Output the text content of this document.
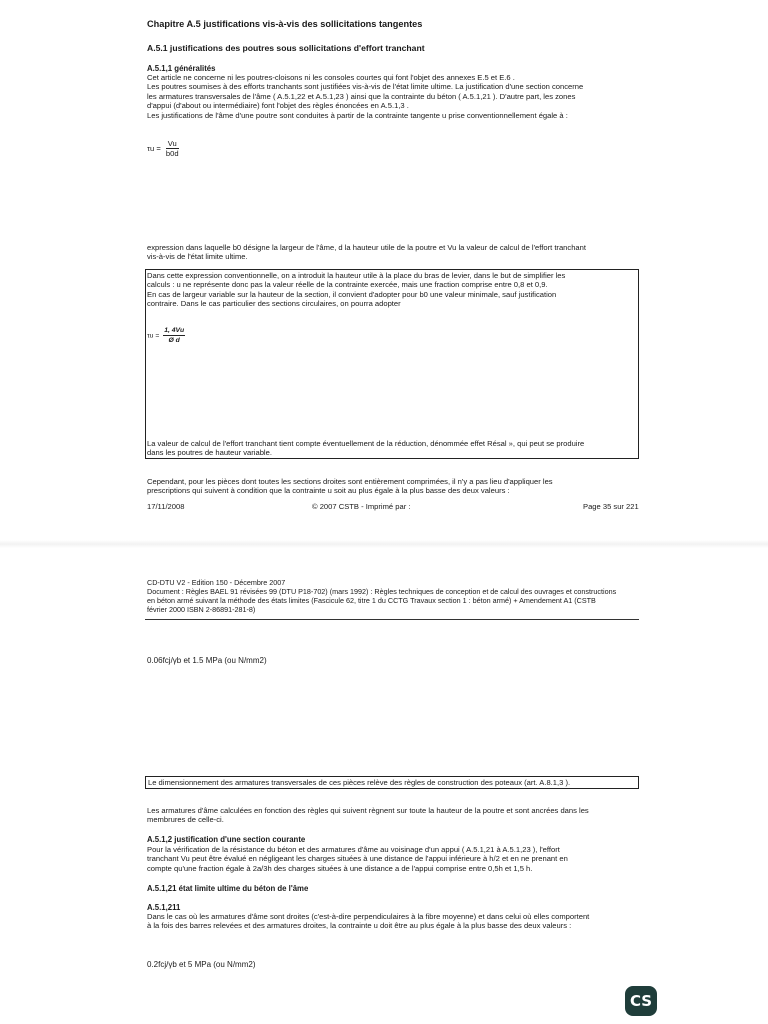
Chapitre A.5 justifications vis-à-vis des sollicitations tangentes
A.5.1 justifications des poutres sous sollicitations d'effort tranchant
A.5.1,1 généralités
Cet article ne concerne ni les poutres-cloisons ni les consoles courtes qui font l'objet des annexes E.5 et E.6 .
Les poutres soumises à des efforts tranchants sont justifiées vis-à-vis de l'état limite ultime. La justification d'une section concerne
les armatures transversales de l'âme ( A.5.1,22 et A.5.1,23 ) ainsi que la contrainte du béton ( A.5.1,21 ). D'autre part, les zones
d'appui (d'about ou intermédiaire) font l'objet des règles énoncées en A.5.1,3 .
Les justifications de l'âme d'une poutre sont conduites à partir de la contrainte tangente u prise conventionnellement égale à :
$\tau u = \frac{Vu}{b0d}$
expression dans laquelle b0 désigne la largeur de l'âme, d la hauteur utile de la poutre et Vu la valeur de calcul de l'effort tranchant
vis-à-vis de l'état limite ultime.
Dans cette expression conventionnelle, on a introduit la hauteur utile à la place du bras de levier, dans le but de simplifier les
calculs : u ne représente donc pas la valeur réelle de la contrainte exercée, mais une fraction comprise entre 0,8 et 0,9.
En cas de largeur variable sur la hauteur de la section, il convient d'adopter pour b0 une valeur minimale, sauf justification
contraire. Dans le cas particulier des sections circulaires, on pourra adopter
$\tau u = \frac{1, 4Vu}{\text{Ø d}}$
La valeur de calcul de l'effort tranchant tient compte éventuellement de la réduction, dénommée effet Résal », qui peut se produire
dans les poutres de hauteur variable.
Cependant, pour les pièces dont toutes les sections droites sont entièrement comprimées, il n'y a pas lieu d'appliquer les
prescriptions qui suivent à condition que la contrainte u soit au plus égale à la plus basse des deux valeurs :
17/11/2008	© 2007 CSTB - Imprimé par :	Page 35 sur 221
CD-DTU V2 - Edition 150 - Décembre 2007
Document : Règles BAEL 91 révisées 99 (DTU P18-702) (mars 1992) : Règles techniques de conception et de calcul des ouvrages et constructions
en béton armé suivant la méthode des états limites (Fascicule 62, titre 1 du CCTG Travaux section 1 : béton armé) + Amendement A1 (CSTB
février 2000 ISBN 2-86891-281-8)
0.06fcj/γb et 1.5 MPa (ou N/mm2)
Le dimensionnement des armatures transversales de ces pièces relève des règles de construction des poteaux (art. A.8.1,3 ).
Les armatures d'âme calculées en fonction des règles qui suivent règnent sur toute la hauteur de la poutre et sont ancrées dans les
membrures de celle-ci.
A.5.1,2 justification d'une section courante
Pour la vérification de la résistance du béton et des armatures d'âme au voisinage d'un appui ( A.5.1,21 à A.5.1,23 ), l'effort
tranchant Vu peut être évalué en négligeant les charges situées à une distance de l'appui inférieure à h/2 et en ne prenant en
compte qu'une fraction égale à 2a/3h des charges situées à une distance a de l'appui comprise entre 0,5h et 1,5 h.
A.5.1,21 état limite ultime du béton de l'âme
A.5.1,211
Dans le cas où les armatures d'âme sont droites (c'est-à-dire perpendiculaires à la fibre moyenne) et dans celui où elles comportent
à la fois des barres relevées et des armatures droites, la contrainte u doit être au plus égale à la plus basse des deux valeurs :
0.2fcj/γb et 5 MPa (ou N/mm2)
CS
